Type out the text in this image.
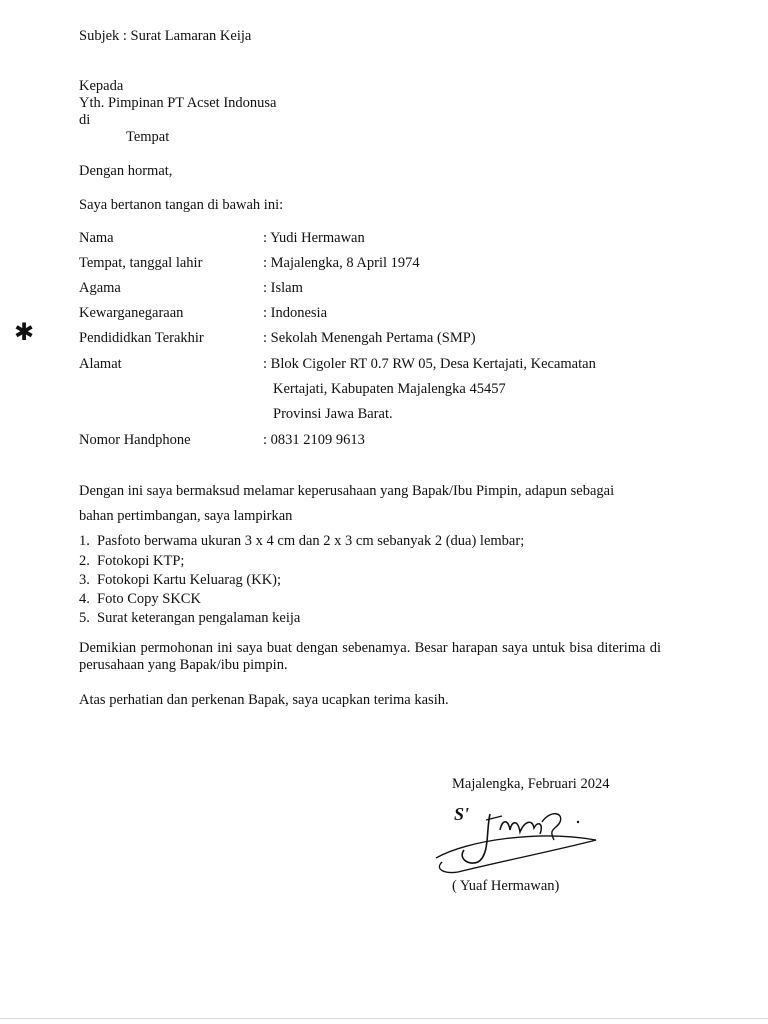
Subjek : Surat Lamaran Keija
Kepada
Yth. Pimpinan PT Acset Indonusa
di
Tempat
Dengan hormat,
Saya bertanon tangan di bawah ini:
Nama	: Yudi Hermawan
Tempat, tanggal lahir	: Majalengka, 8 April 1974
Agama	: Islam
Kewarganegaraan	: Indonesia
Pendididkan Terakhir	: Sekolah Menengah Pertama (SMP)
Alamat	: Blok Cigoler RT 0.7 RW 05, Desa Kertajati, Kecamatan
Kertajati, Kabupaten Majalengka 45457
Provinsi Jawa Barat.
Nomor Handphone	: 0831 2109 9613
Dengan ini saya bermaksud melamar keperusahaan yang Bapak/Ibu Pimpin, adapun sebagai
bahan pertimbangan, saya lampirkan
1. Pasfoto berwama ukuran 3 x 4 cm dan 2 x 3 cm sebanyak 2 (dua) lembar;
2. Fotokopi KTP;
3. Fotokopi Kartu Keluarag (KK);
4. Foto Copy SKCK
5. Surat keterangan pengalaman keija
Demikian permohonan ini saya buat dengan sebenamya. Besar harapan saya untuk bisa diterima di perusahaan yang Bapak/ibu pimpin.
Atas perhatian dan perkenan Bapak, saya ucapkan terima kasih.
Majalengka, Februari 2024
S'
( Yuaf Hermawan)
✱
